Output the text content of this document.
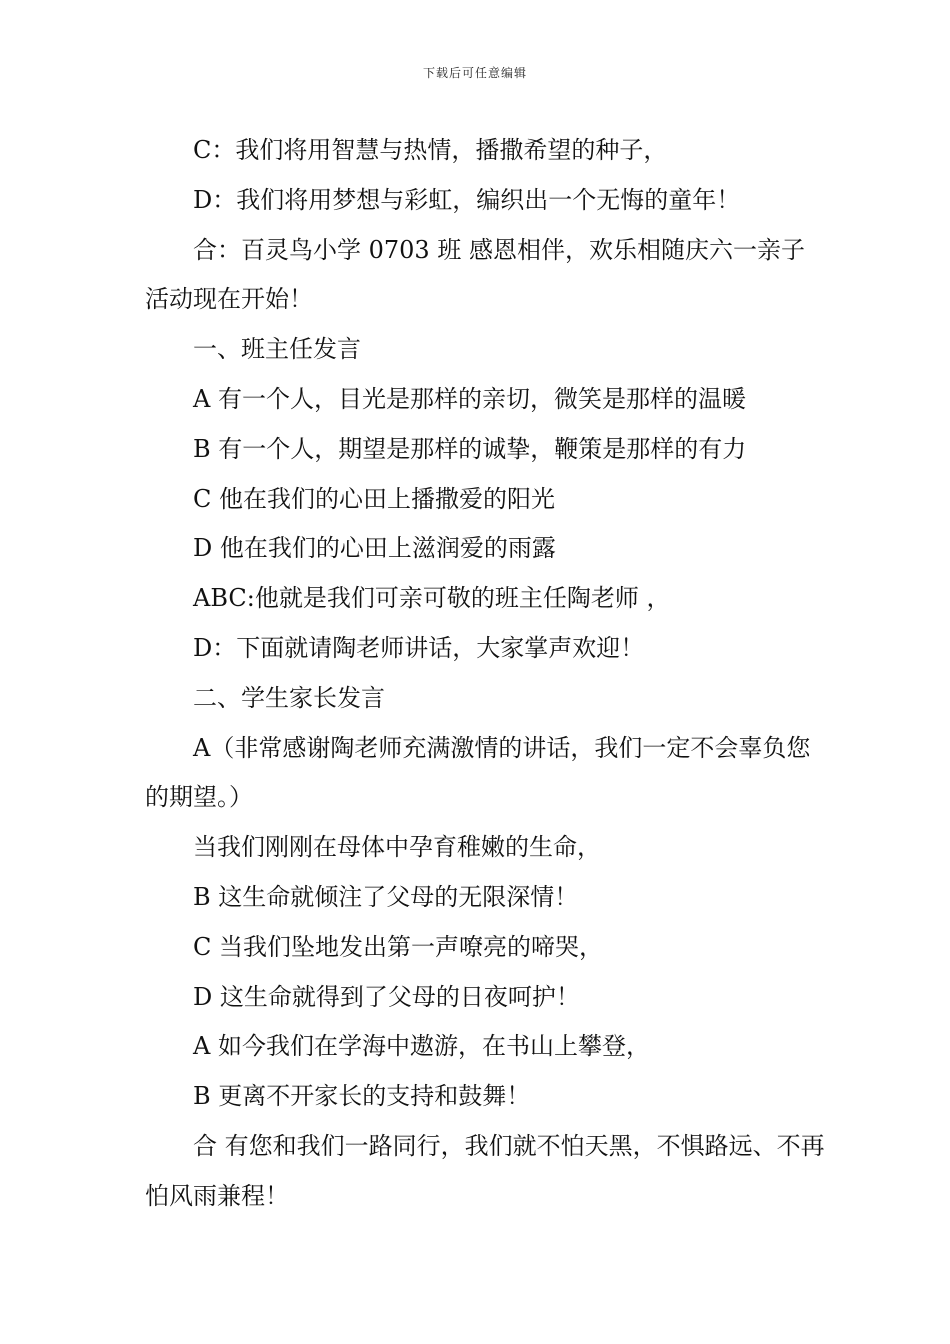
下载后可任意编辑

C：我们将用智慧与热情，播撒希望的种子，

D：我们将用梦想与彩虹，编织出一个无悔的童年！

合：百灵鸟小学 0703 班 感恩相伴，欢乐相随庆六一亲子活动现在开始！

一、班主任发言

A 有一个人，目光是那样的亲切，微笑是那样的温暖

B 有一个人，期望是那样的诚挚，鞭策是那样的有力

C 他在我们的心田上播撒爱的阳光

D 他在我们的心田上滋润爱的雨露

ABC:他就是我们可亲可敬的班主任陶老师 ，

D：下面就请陶老师讲话，大家掌声欢迎！

二、学生家长发言

A（非常感谢陶老师充满激情的讲话，我们一定不会辜负您的期望。）

当我们刚刚在母体中孕育稚嫩的生命，

B 这生命就倾注了父母的无限深情！

C 当我们坠地发出第一声嘹亮的啼哭，

D 这生命就得到了父母的日夜呵护！

A 如今我们在学海中遨游，在书山上攀登，

B 更离不开家长的支持和鼓舞！

合 有您和我们一路同行，我们就不怕天黑，不惧路远、不再怕风雨兼程！
